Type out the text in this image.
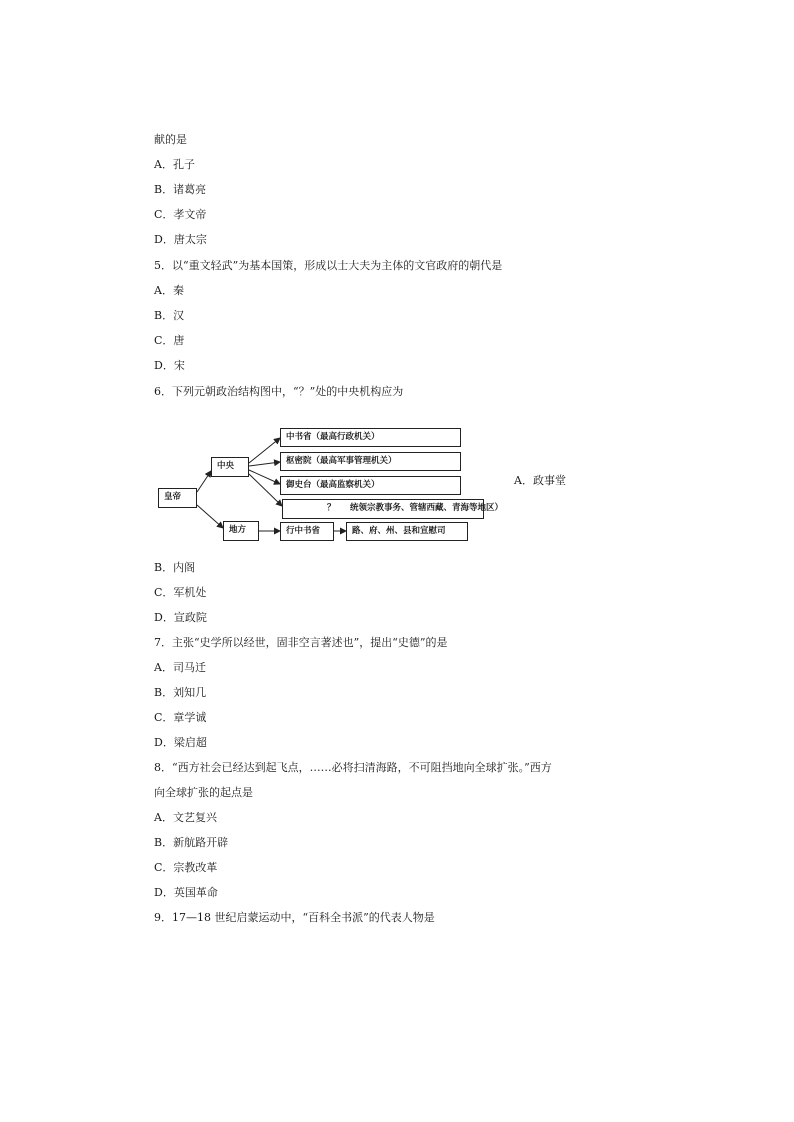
献的是
A．孔子
B．诸葛亮
C．孝文帝
D．唐太宗
5．以“重文轻武”为基本国策，形成以士大夫为主体的文官政府的朝代是
A．秦
B．汉
C．唐
D．宋
6．下列元朝政治结构图中，“？”处的中央机构应为
皇帝
中央
地方
中书省（最高行政机关）
枢密院（最高军事管理机关）
御史台（最高监察机关）
？ 统领宗教事务、管辖西藏、青海等地区）
行中书省	路、府、州、县和宣慰司
A．政事堂
B．内阁
C．军机处
D．宣政院
7．主张“史学所以经世，固非空言著述也”，提出“史德”的是
A．司马迁
B．刘知几
C．章学诚
D．梁启超
8．“西方社会已经达到起飞点，……必将扫清海路，不可阻挡地向全球扩张。”西方
向全球扩张的起点是
A．文艺复兴
B．新航路开辟
C．宗教改革
D．英国革命
9．17—18 世纪启蒙运动中，“百科全书派”的代表人物是
